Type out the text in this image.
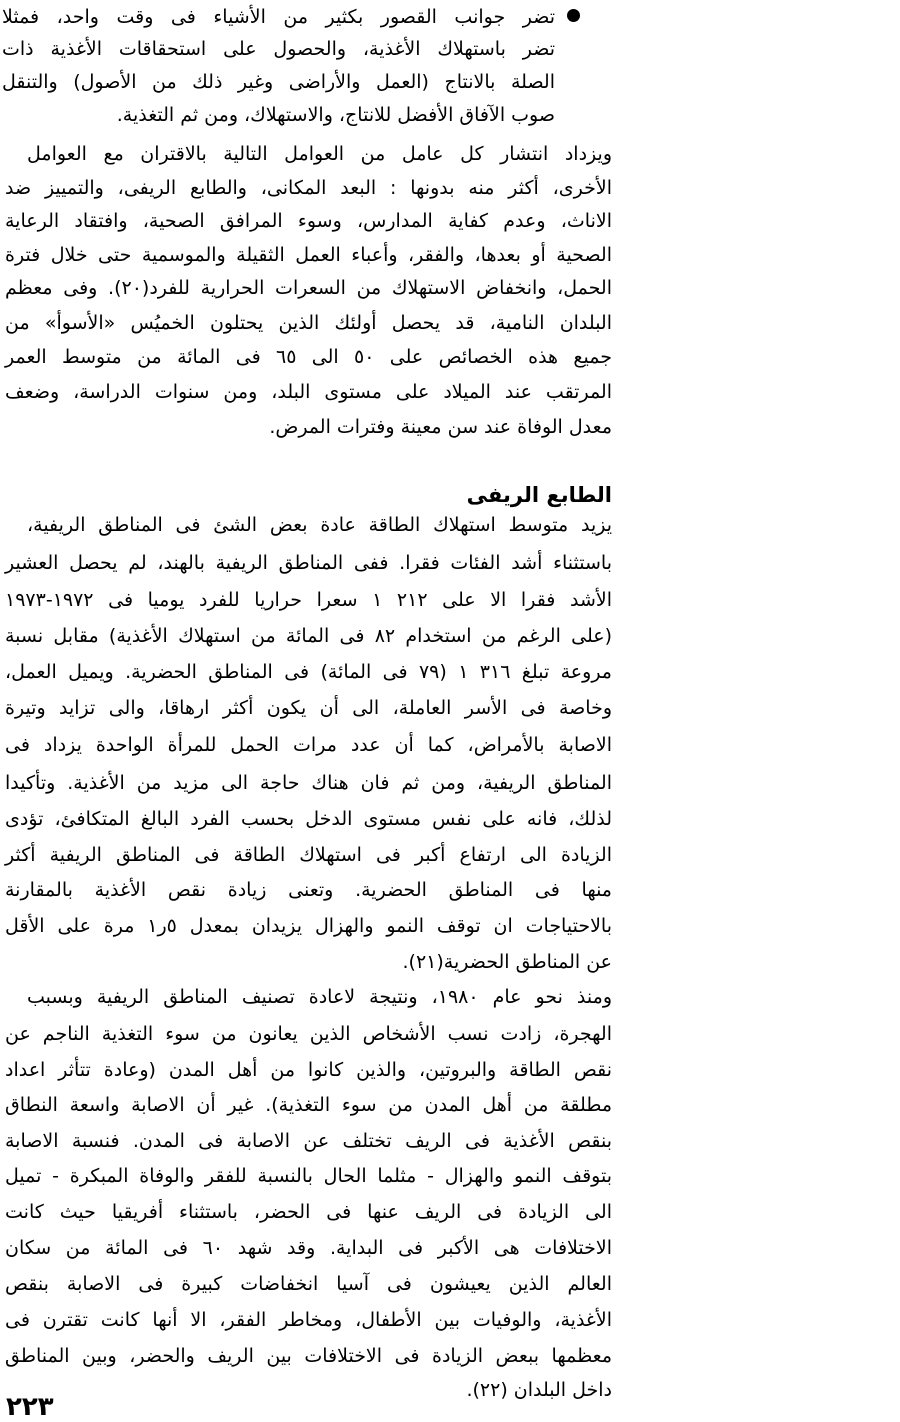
تضر جوانب القصور بكثير من الأشياء فى وقت واحد، فمثلا
تضر باستهلاك الأغذية، والحصول على استحقاقات الأغذية ذات
الصلة بالانتاج (العمل والأراضى وغير ذلك من الأصول) والتنقل
صوب الآفاق الأفضل للانتاج، والاستهلاك، ومن ثم التغذية.
ويزداد انتشار كل عامل من العوامل التالية بالاقتران مع العوامل
الأخرى، أكثر منه بدونها : البعد المكانى، والطابع الريفى، والتمييز ضد
الاناث، وعدم كفاية المدارس، وسوء المرافق الصحية، وافتقاد الرعاية
الصحية أو بعدها، والفقر، وأعباء العمل الثقيلة والموسمية حتى خلال فترة
الحمل، وانخفاض الاستهلاك من السعرات الحرارية للفرد(٢٠). وفى معظم
البلدان النامية، قد يحصل أولئك الذين يحتلون الخميُس «الأسوأ» من
جميع هذه الخصائص على ٥٠ الى ٦٥ فى المائة من متوسط العمر
المرتقب عند الميلاد على مستوى البلد، ومن سنوات الدراسة، وضعف
معدل الوفاة عند سن معينة وفترات المرض.
الطابع الريفى
يزيد متوسط استهلاك الطاقة عادة بعض الشئ فى المناطق الريفية،
باستثناء أشد الفئات فقرا. ففى المناطق الريفية بالهند، لم يحصل العشير
الأشد فقرا الا على ٢١٢ ١ سعرا حراريا للفرد يوميا فى ١٩٧٢-١٩٧٣
(على الرغم من استخدام ٨٢ فى المائة من استهلاك الأغذية) مقابل نسبة
مروعة تبلغ ٣١٦ ١ (٧٩ فى المائة) فى المناطق الحضرية. ويميل العمل،
وخاصة فى الأسر العاملة، الى أن يكون أكثر ارهاقا، والى تزايد وتيرة
الاصابة بالأمراض، كما أن عدد مرات الحمل للمرأة الواحدة يزداد فى
المناطق الريفية، ومن ثم فان هناك حاجة الى مزيد من الأغذية. وتأكيدا
لذلك، فانه على نفس مستوى الدخل بحسب الفرد البالغ المتكافئ، تؤدى
الزيادة الى ارتفاع أكبر فى استهلاك الطاقة فى المناطق الريفية أكثر
منها فى المناطق الحضرية. وتعنى زيادة نقص الأغذية بالمقارنة
بالاحتياجات ان توقف النمو والهزال يزيدان بمعدل ٥ر١ مرة على الأقل
عن المناطق الحضرية(٢١).
ومنذ نحو عام ١٩٨٠، ونتيجة لاعادة تصنيف المناطق الريفية وبسبب
الهجرة، زادت نسب الأشخاص الذين يعانون من سوء التغذية الناجم عن
نقص الطاقة والبروتين، والذين كانوا من أهل المدن (وعادة تتأثر اعداد
مطلقة من أهل المدن من سوء التغذية). غير أن الاصابة واسعة النطاق
بنقص الأغذية فى الريف تختلف عن الاصابة فى المدن. فنسبة الاصابة
بتوقف النمو والهزال - مثلما الحال بالنسبة للفقر والوفاة المبكرة - تميل
الى الزيادة فى الريف عنها فى الحضر، باستثناء أفريقيا حيث كانت
الاختلافات هى الأكبر فى البداية. وقد شهد ٦٠ فى المائة من سكان
العالم الذين يعيشون فى آسيا انخفاضات كبيرة فى الاصابة بنقص
الأغذية، والوفيات بين الأطفال، ومخاطر الفقر، الا أنها كانت تقترن فى
معظمها ببعض الزيادة فى الاختلافات بين الريف والحضر، وبين المناطق
داخل البلدان (٢٢).
٢٢٣
